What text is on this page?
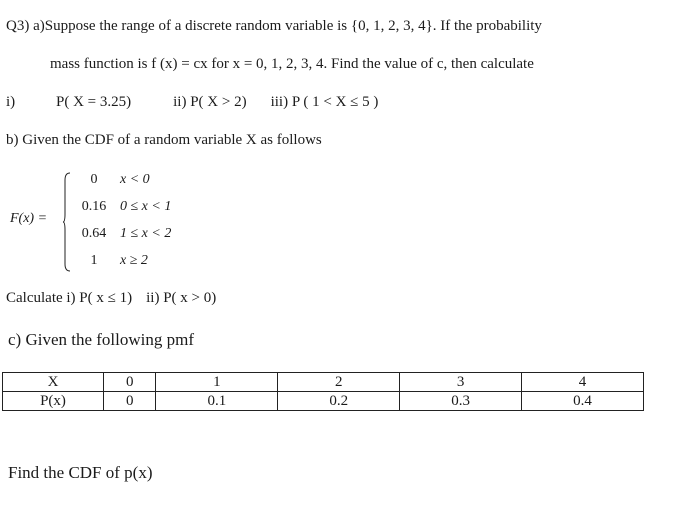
Q3) a)Suppose the range of a discrete random variable is {0, 1, 2, 3, 4}. If the probability
mass function is f (x) = cx for x = 0, 1, 2, 3, 4. Find the value of c, then calculate
i)	P( X = 3.25)	ii) P( X > 2) iii) P ( 1 < X ≤ 5 )
b) Given the CDF of a random variable X as follows
F(x) =
0 x < 0
0.16 0 ≤ x < 1
0.64 1 ≤ x < 2
1 x ≥ 2
Calculate i) P( x ≤ 1) ii) P( x > 0)
c) Given the following pmf
X	0	1	2	3	4
P(x)	0	0.1	0.2	0.3	0.4
Find the CDF of p(x)
